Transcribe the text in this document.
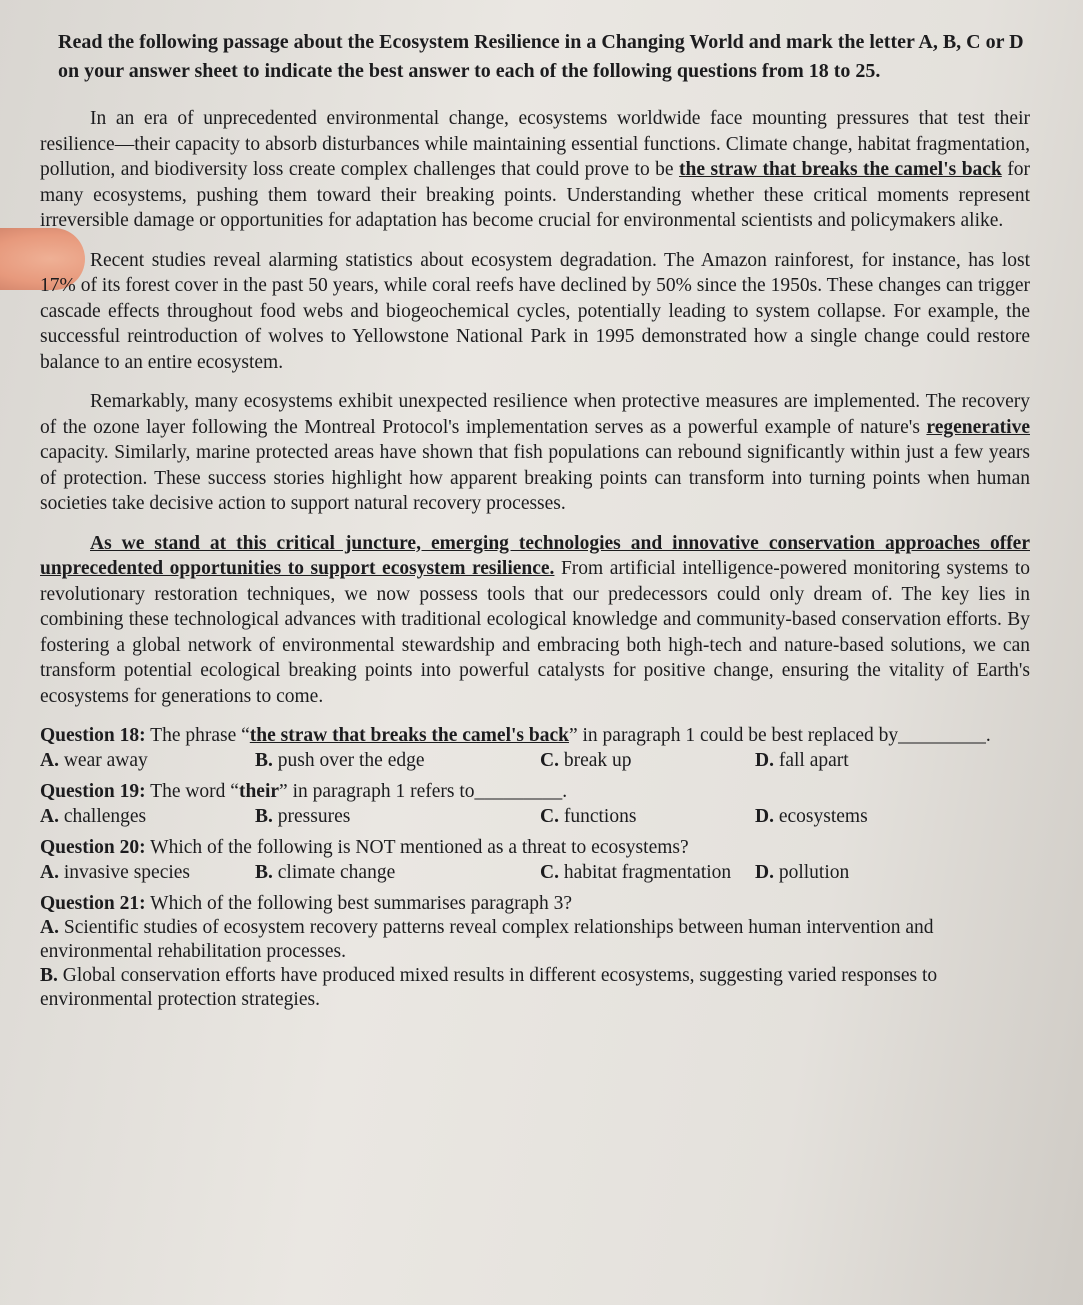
Read the following passage about the Ecosystem Resilience in a Changing World and mark the letter A, B, C or D on your answer sheet to indicate the best answer to each of the following questions from 18 to 25.

In an era of unprecedented environmental change, ecosystems worldwide face mounting pressures that test their resilience—their capacity to absorb disturbances while maintaining essential functions. Climate change, habitat fragmentation, pollution, and biodiversity loss create complex challenges that could prove to be the straw that breaks the camel's back for many ecosystems, pushing them toward their breaking points. Understanding whether these critical moments represent irreversible damage or opportunities for adaptation has become crucial for environmental scientists and policymakers alike.

Recent studies reveal alarming statistics about ecosystem degradation. The Amazon rainforest, for instance, has lost 17% of its forest cover in the past 50 years, while coral reefs have declined by 50% since the 1950s. These changes can trigger cascade effects throughout food webs and biogeochemical cycles, potentially leading to system collapse. For example, the successful reintroduction of wolves to Yellowstone National Park in 1995 demonstrated how a single change could restore balance to an entire ecosystem.

Remarkably, many ecosystems exhibit unexpected resilience when protective measures are implemented. The recovery of the ozone layer following the Montreal Protocol's implementation serves as a powerful example of nature's regenerative capacity. Similarly, marine protected areas have shown that fish populations can rebound significantly within just a few years of protection. These success stories highlight how apparent breaking points can transform into turning points when human societies take decisive action to support natural recovery processes.

As we stand at this critical juncture, emerging technologies and innovative conservation approaches offer unprecedented opportunities to support ecosystem resilience. From artificial intelligence-powered monitoring systems to revolutionary restoration techniques, we now possess tools that our predecessors could only dream of. The key lies in combining these technological advances with traditional ecological knowledge and community-based conservation efforts. By fostering a global network of environmental stewardship and embracing both high-tech and nature-based solutions, we can transform potential ecological breaking points into powerful catalysts for positive change, ensuring the vitality of Earth's ecosystems for generations to come.

Question 18: The phrase “the straw that breaks the camel's back” in paragraph 1 could be best replaced by_________.
A. wear away	B. push over the edge	C. break up	D. fall apart
Question 19: The word “their” in paragraph 1 refers to_________.
A. challenges	B. pressures	C. functions	D. ecosystems
Question 20: Which of the following is NOT mentioned as a threat to ecosystems?
A. invasive species	B. climate change	C. habitat fragmentation	D. pollution
Question 21: Which of the following best summarises paragraph 3?
A. Scientific studies of ecosystem recovery patterns reveal complex relationships between human intervention and environmental rehabilitation processes.
B. Global conservation efforts have produced mixed results in different ecosystems, suggesting varied responses to environmental protection strategies.
